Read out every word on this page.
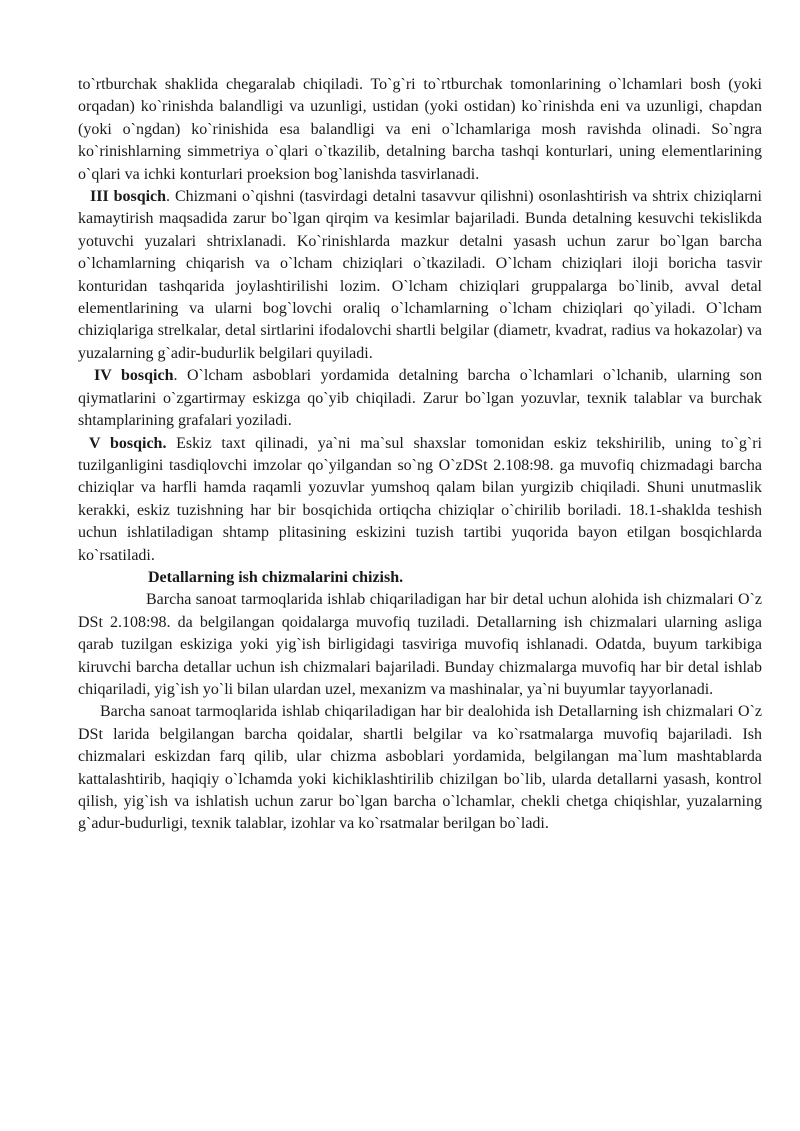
to`rtburchak shaklida chegaralab chiqiladi. To`g`ri to`rtburchak tomonlarining o`lchamlari bosh (yoki orqadan) ko`rinishda balandligi va uzunligi, ustidan (yoki ostidan) ko`rinishda eni va uzunligi, chapdan (yoki o`ngdan) ko`rinishida esa balandligi va eni o`lchamlariga mosh ravishda olinadi. So`ngra ko`rinishlarning simmetriya o`qlari o`tkazilib, detalning barcha tashqi konturlari, uning elementlarining o`qlari va ichki konturlari proeksion bog`lanishda tasvirlanadi.

III bosqich. Chizmani o`qishni (tasvirdagi detalni tasavvur qilishni) osonlashtirish va shtrix chiziqlarni kamaytirish maqsadida zarur bo`lgan qirqim va kesimlar bajariladi. Bunda detalning kesuvchi tekislikda yotuvchi yuzalari shtrixlanadi. Ko`rinishlarda mazkur detalni yasash uchun zarur bo`lgan barcha o`lchamlarning chiqarish va o`lcham chiziqlari o`tkaziladi. O`lcham chiziqlari iloji boricha tasvir konturidan tashqarida joylashtirilishi lozim. O`lcham chiziqlari gruppalarga bo`linib, avval detal elementlarining va ularni bog`lovchi oraliq o`lchamlarning o`lcham chiziqlari qo`yiladi. O`lcham chiziqlariga strelkalar, detal sirtlarini ifodalovchi shartli belgilar (diametr, kvadrat, radius va hokazolar) va yuzalarning g`adir-budurlik belgilari quyiladi.

IV bosqich. O`lcham asboblari yordamida detalning barcha o`lchamlari o`lchanib, ularning son qiymatlarini o`zgartirmay eskizga qo`yib chiqiladi. Zarur bo`lgan yozuvlar, texnik talablar va burchak shtamplarining grafalari yoziladi.

V bosqich. Eskiz taxt qilinadi, ya`ni ma`sul shaxslar tomonidan eskiz tekshirilib, uning to`g`ri tuzilganligini tasdiqlovchi imzolar qo`yilgandan so`ng O`zDSt 2.108:98. ga muvofiq chizmadagi barcha chiziqlar va harfli hamda raqamli yozuvlar yumshoq qalam bilan yurgizib chiqiladi. Shuni unutmaslik kerakki, eskiz tuzishning har bir bosqichida ortiqcha chiziqlar o`chirilib boriladi. 18.1-shaklda teshish uchun ishlatiladigan shtamp plitasining eskizini tuzish tartibi yuqorida bayon etilgan bosqichlarda ko`rsatiladi.

Detallarning ish chizmalarini chizish.

Barcha sanoat tarmoqlarida ishlab chiqariladigan har bir detal uchun alohida ish chizmalari O`z DSt 2.108:98. da belgilangan qoidalarga muvofiq tuziladi. Detallarning ish chizmalari ularning asliga qarab tuzilgan eskiziga yoki yig`ish birligidagi tasviriga muvofiq ishlanadi. Odatda, buyum tarkibiga kiruvchi barcha detallar uchun ish chizmalari bajariladi. Bunday chizmalarga muvofiq har bir detal ishlab chiqariladi, yig`ish yo`li bilan ulardan uzel, mexanizm va mashinalar, ya`ni buyumlar tayyorlanadi.

Barcha sanoat tarmoqlarida ishlab chiqariladigan har bir dealohida ish Detallarning ish chizmalari O`z DSt larida belgilangan barcha qoidalar, shartli belgilar va ko`rsatmalarga muvofiq bajariladi. Ish chizmalari eskizdan farq qilib, ular chizma asboblari yordamida, belgilangan ma`lum mashtablarda kattalashtirib, haqiqiy o`lchamda yoki kichiklashtirilib chizilgan bo`lib, ularda detallarni yasash, kontrol qilish, yig`ish va ishlatish uchun zarur bo`lgan barcha o`lchamlar, chekli chetga chiqishlar, yuzalarning g`adur-budurligi, texnik talablar, izohlar va ko`rsatmalar berilgan bo`ladi.
